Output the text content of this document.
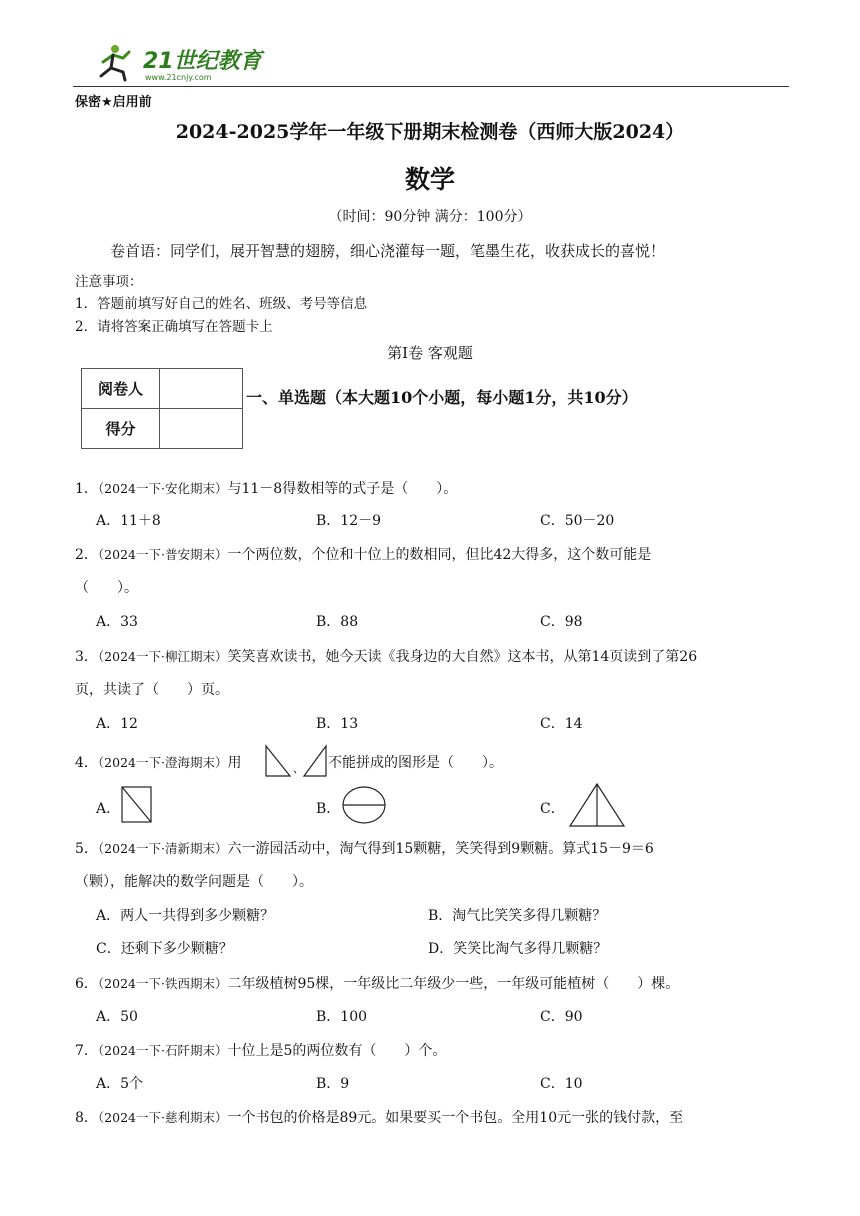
21世纪教育
www.21cnjy.com
保密★启用前
2024-2025学年一年级下册期末检测卷（西师大版2024）
数学
（时间：90分钟 满分：100分）
卷首语：同学们，展开智慧的翅膀，细心浇灌每一题，笔墨生花，收获成长的喜悦！
注意事项：
1．答题前填写好自己的姓名、班级、考号等信息
2．请将答案正确填写在答题卡上
第Ⅰ卷 客观题
阅卷人	
得分	
一、单选题（本大题10个小题，每小题1分，共10分）
1．（2024一下·安化期末）与11－8得数相等的式子是（　　）。
A．11＋8	B．12－9	C．50－20
2．（2024一下·普安期末）一个两位数，个位和十位上的数相同，但比42大得多，这个数可能是
（　　）。
A．33	B．88	C．98
3．（2024一下·柳江期末）笑笑喜欢读书，她今天读《我身边的大自然》这本书，从第14页读到了第26
页，共读了（　　）页。
A．12	B．13	C．14
4．（2024一下·澄海期末）用	、 不能拼成的图形是（　　）。
A．	B．	C．
5．（2024一下·清新期末）六一游园活动中，淘气得到15颗糖，笑笑得到9颗糖。算式15－9＝6
（颗），能解决的数学问题是（　　）。
A．两人一共得到多少颗糖？	B．淘气比笑笑多得几颗糖？
C．还剩下多少颗糖？	D．笑笑比淘气多得几颗糖？
6．（2024一下·铁西期末）二年级植树95棵，一年级比二年级少一些，一年级可能植树（　　）棵。
A．50	B．100	C．90
7．（2024一下·石阡期末）十位上是5的两位数有（　　）个。
A．5个	B．9	C．10
8．（2024一下·慈利期末）一个书包的价格是89元。如果要买一个书包。全用10元一张的钱付款，至
